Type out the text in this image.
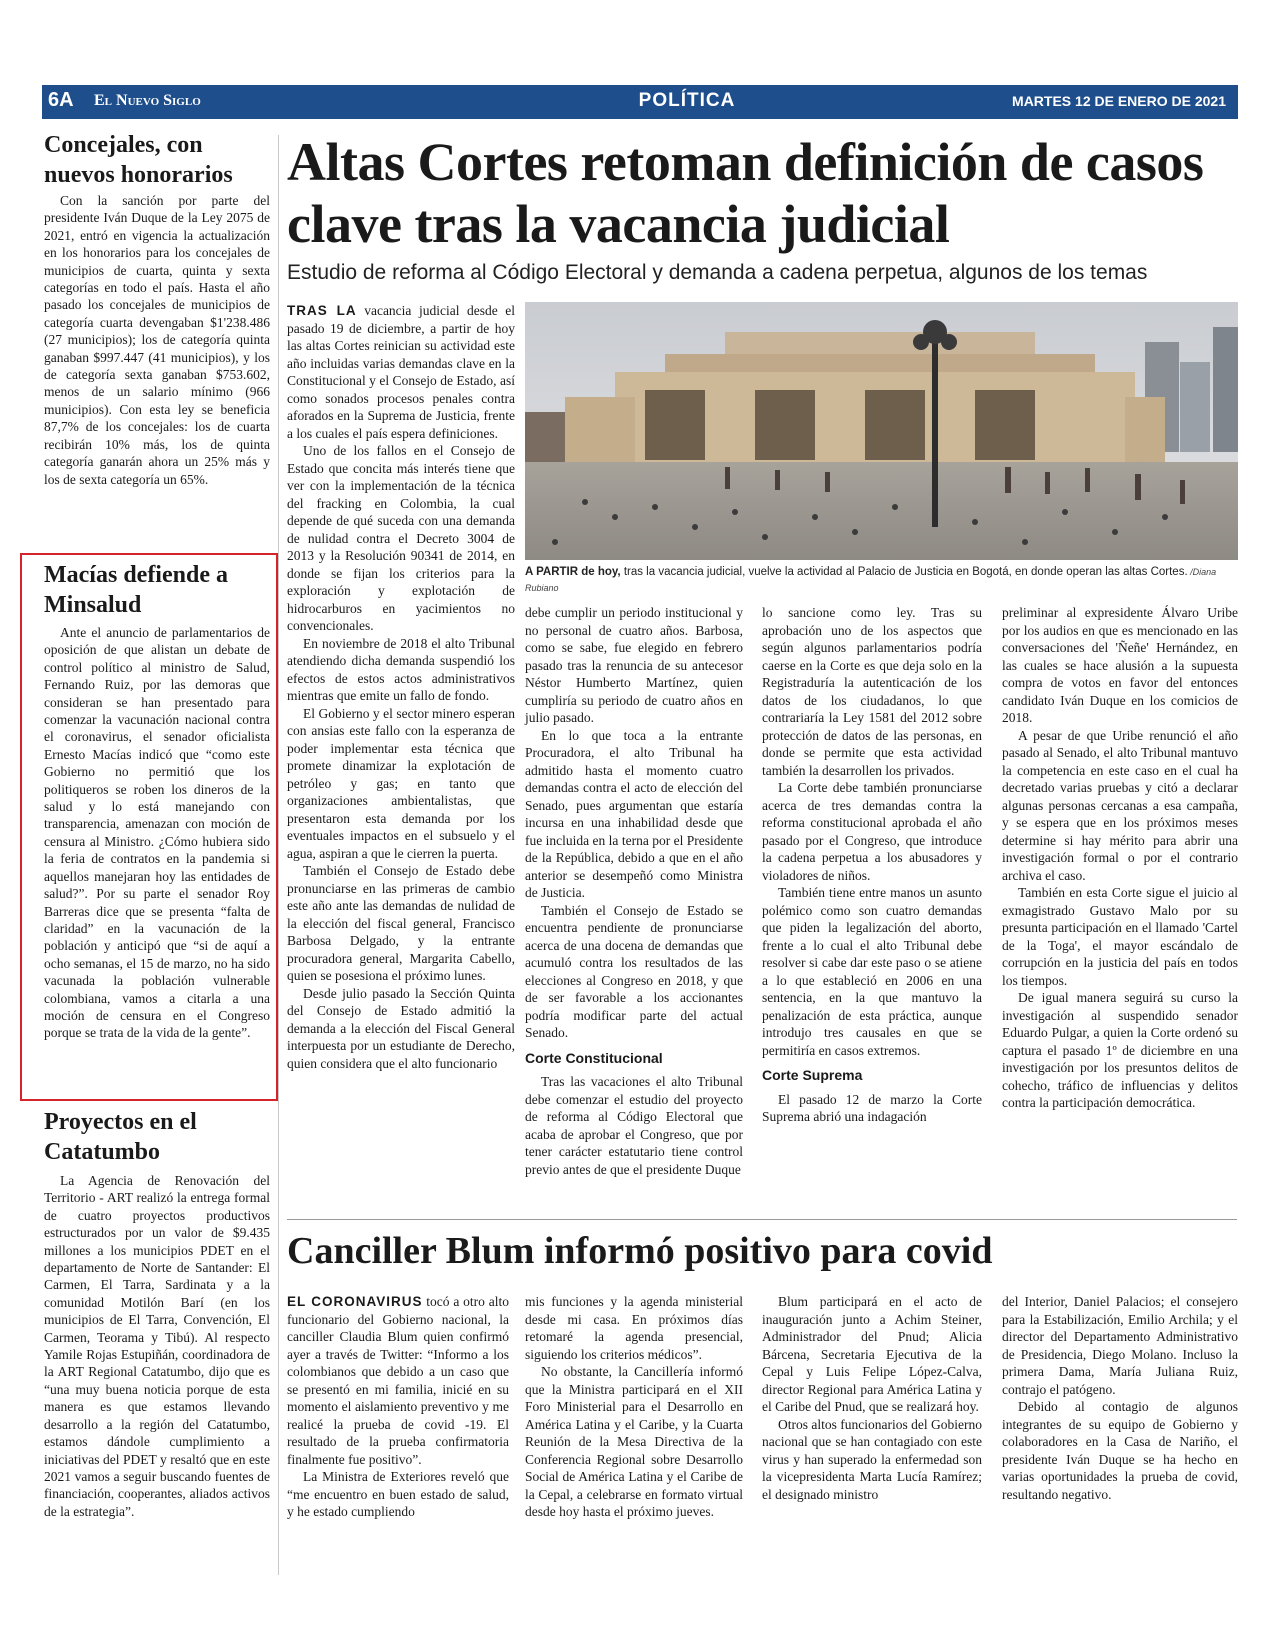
6A El Nuevo Siglo	POLÍTICA	MARTES 12 DE ENERO DE 2021
Concejales, con nuevos honorarios

Con la sanción por parte del presidente Iván Duque de la Ley 2075 de 2021, entró en vigencia la actualización en los honorarios para los concejales de municipios de cuarta, quinta y sexta categorías en todo el país. Hasta el año pasado los concejales de municipios de categoría cuarta devengaban $1'238.486 (27 municipios); los de categoría quinta ganaban $997.447 (41 municipios), y los de categoría sexta ganaban $753.602, menos de un salario mínimo (966 municipios). Con esta ley se beneficia 87,7% de los concejales: los de cuarta recibirán 10% más, los de quinta categoría ganarán ahora un 25% más y los de sexta categoría un 65%.

Macías defiende a Minsalud

Ante el anuncio de parlamentarios de oposición de que alistan un debate de control político al ministro de Salud, Fernando Ruiz, por las demoras que consideran se han presentado para comenzar la vacunación nacional contra el coronavirus, el senador oficialista Ernesto Macías indicó que “como este Gobierno no permitió que los politiqueros se roben los dineros de la salud y lo está manejando con transparencia, amenazan con moción de censura al Ministro. ¿Cómo hubiera sido la feria de contratos en la pandemia si aquellos manejaran hoy las entidades de salud?”. Por su parte el senador Roy Barreras dice que se presenta “falta de claridad” en la vacunación de la población y anticipó que “si de aquí a ocho semanas, el 15 de marzo, no ha sido vacunada la población vulnerable colombiana, vamos a citarla a una moción de censura en el Congreso porque se trata de la vida de la gente”.

Proyectos en el Catatumbo

La Agencia de Renovación del Territorio - ART realizó la entrega formal de cuatro proyectos productivos estructurados por un valor de $9.435 millones a los municipios PDET en el departamento de Norte de Santander: El Carmen, El Tarra, Sardinata y a la comunidad Motilón Barí (en los municipios de El Tarra, Convención, El Carmen, Teorama y Tibú). Al respecto Yamile Rojas Estupiñán, coordinadora de la ART Regional Catatumbo, dijo que es “una muy buena noticia porque de esta manera es que estamos llevando desarrollo a la región del Catatumbo, estamos dándole cumplimiento a iniciativas del PDET y resaltó que en este 2021 vamos a seguir buscando fuentes de financiación, cooperantes, aliados activos de la estrategia”.

Altas Cortes retoman definición de casos clave tras la vacancia judicial
Estudio de reforma al Código Electoral y demanda a cadena perpetua, algunos de los temas

TRAS LA vacancia judicial desde el pasado 19 de diciembre, a partir de hoy las altas Cortes reinician su actividad este año incluidas varias demandas clave en la Constitucional y el Consejo de Estado, así como sonados procesos penales contra aforados en la Suprema de Justicia, frente a los cuales el país espera definiciones.

Uno de los fallos en el Consejo de Estado que concita más interés tiene que ver con la implementación de la técnica del fracking en Colombia, la cual depende de qué suceda con una demanda de nulidad contra el Decreto 3004 de 2013 y la Resolución 90341 de 2014, en donde se fijan los criterios para la exploración y explotación de hidrocarburos en yacimientos no convencionales.

En noviembre de 2018 el alto Tribunal atendiendo dicha demanda suspendió los efectos de estos actos administrativos mientras que emite un fallo de fondo.

El Gobierno y el sector minero esperan con ansias este fallo con la esperanza de poder implementar esta técnica que promete dinamizar la explotación de petróleo y gas; en tanto que organizaciones ambientalistas, que presentaron esta demanda por los eventuales impactos en el subsuelo y el agua, aspiran a que le cierren la puerta.

También el Consejo de Estado debe pronunciarse en las primeras de cambio este año ante las demandas de nulidad de la elección del fiscal general, Francisco Barbosa Delgado, y la entrante procuradora general, Margarita Cabello, quien se posesiona el próximo lunes.

Desde julio pasado la Sección Quinta del Consejo de Estado admitió la demanda a la elección del Fiscal General interpuesta por un estudiante de Derecho, quien considera que el alto funcionario

A PARTIR de hoy, tras la vacancia judicial, vuelve la actividad al Palacio de Justicia en Bogotá, en donde operan las altas Cortes. /Diana Rubiano

debe cumplir un periodo institucional y no personal de cuatro años. Barbosa, como se sabe, fue elegido en febrero pasado tras la renuncia de su antecesor Néstor Humberto Martínez, quien cumpliría su periodo de cuatro años en julio pasado.

En lo que toca a la entrante Procuradora, el alto Tribunal ha admitido hasta el momento cuatro demandas contra el acto de elección del Senado, pues argumentan que estaría incursa en una inhabilidad desde que fue incluida en la terna por el Presidente de la República, debido a que en el año anterior se desempeñó como Ministra de Justicia.

También el Consejo de Estado se encuentra pendiente de pronunciarse acerca de una docena de demandas que acumuló contra los resultados de las elecciones al Congreso en 2018, y que de ser favorable a los accionantes podría modificar parte del actual Senado.

Corte Constitucional

Tras las vacaciones el alto Tribunal debe comenzar el estudio del proyecto de reforma al Código Electoral que acaba de aprobar el Congreso, que por tener carácter estatutario tiene control previo antes de que el presidente Duque

lo sancione como ley. Tras su aprobación uno de los aspectos que según algunos parlamentarios podría caerse en la Corte es que deja solo en la Registraduría la autenticación de los datos de los ciudadanos, lo que contrariaría la Ley 1581 del 2012 sobre protección de datos de las personas, en donde se permite que esta actividad también la desarrollen los privados.

La Corte debe también pronunciarse acerca de tres demandas contra la reforma constitucional aprobada el año pasado por el Congreso, que introduce la cadena perpetua a los abusadores y violadores de niños.

También tiene entre manos un asunto polémico como son cuatro demandas que piden la legalización del aborto, frente a lo cual el alto Tribunal debe resolver si cabe dar este paso o se atiene a lo que estableció en 2006 en una sentencia, en la que mantuvo la penalización de esta práctica, aunque introdujo tres causales en que se permitiría en casos extremos.

Corte Suprema

El pasado 12 de marzo la Corte Suprema abrió una indagación

preliminar al expresidente Álvaro Uribe por los audios en que es mencionado en las conversaciones del 'Ñeñe' Hernández, en las cuales se hace alusión a la supuesta compra de votos en favor del entonces candidato Iván Duque en los comicios de 2018.

A pesar de que Uribe renunció el año pasado al Senado, el alto Tribunal mantuvo la competencia en este caso en el cual ha decretado varias pruebas y citó a declarar algunas personas cercanas a esa campaña, y se espera que en los próximos meses determine si hay mérito para abrir una investigación formal o por el contrario archiva el caso.

También en esta Corte sigue el juicio al exmagistrado Gustavo Malo por su presunta participación en el llamado 'Cartel de la Toga', el mayor escándalo de corrupción en la justicia del país en todos los tiempos.

De igual manera seguirá su curso la investigación al suspendido senador Eduardo Pulgar, a quien la Corte ordenó su captura el pasado 1º de diciembre en una investigación por los presuntos delitos de cohecho, tráfico de influencias y delitos contra la participación democrática.

Canciller Blum informó positivo para covid

EL CORONAVIRUS tocó a otro alto funcionario del Gobierno nacional, la canciller Claudia Blum quien confirmó ayer a través de Twitter: “Informo a los colombianos que debido a un caso que se presentó en mi familia, inicié en su momento el aislamiento preventivo y me realicé la prueba de covid -19. El resultado de la prueba confirmatoria finalmente fue positivo”.

La Ministra de Exteriores reveló que “me encuentro en buen estado de salud, y he estado cumpliendo

mis funciones y la agenda ministerial desde mi casa. En próximos días retomaré la agenda presencial, siguiendo los criterios médicos”.

No obstante, la Cancillería informó que la Ministra participará en el XII Foro Ministerial para el Desarrollo en América Latina y el Caribe, y la Cuarta Reunión de la Mesa Directiva de la Conferencia Regional sobre Desarrollo Social de América Latina y el Caribe de la Cepal, a celebrarse en formato virtual desde hoy hasta el próximo jueves.

Blum participará en el acto de inauguración junto a Achim Steiner, Administrador del Pnud; Alicia Bárcena, Secretaria Ejecutiva de la Cepal y Luis Felipe López-Calva, director Regional para América Latina y el Caribe del Pnud, que se realizará hoy.

Otros altos funcionarios del Gobierno nacional que se han contagiado con este virus y han superado la enfermedad son la vicepresidenta Marta Lucía Ramírez; el designado ministro

del Interior, Daniel Palacios; el consejero para la Estabilización, Emilio Archila; y el director del Departamento Administrativo de Presidencia, Diego Molano. Incluso la primera Dama, María Juliana Ruiz, contrajo el patógeno.

Debido al contagio de algunos integrantes de su equipo de Gobierno y colaboradores en la Casa de Nariño, el presidente Iván Duque se ha hecho en varias oportunidades la prueba de covid, resultando negativo.
